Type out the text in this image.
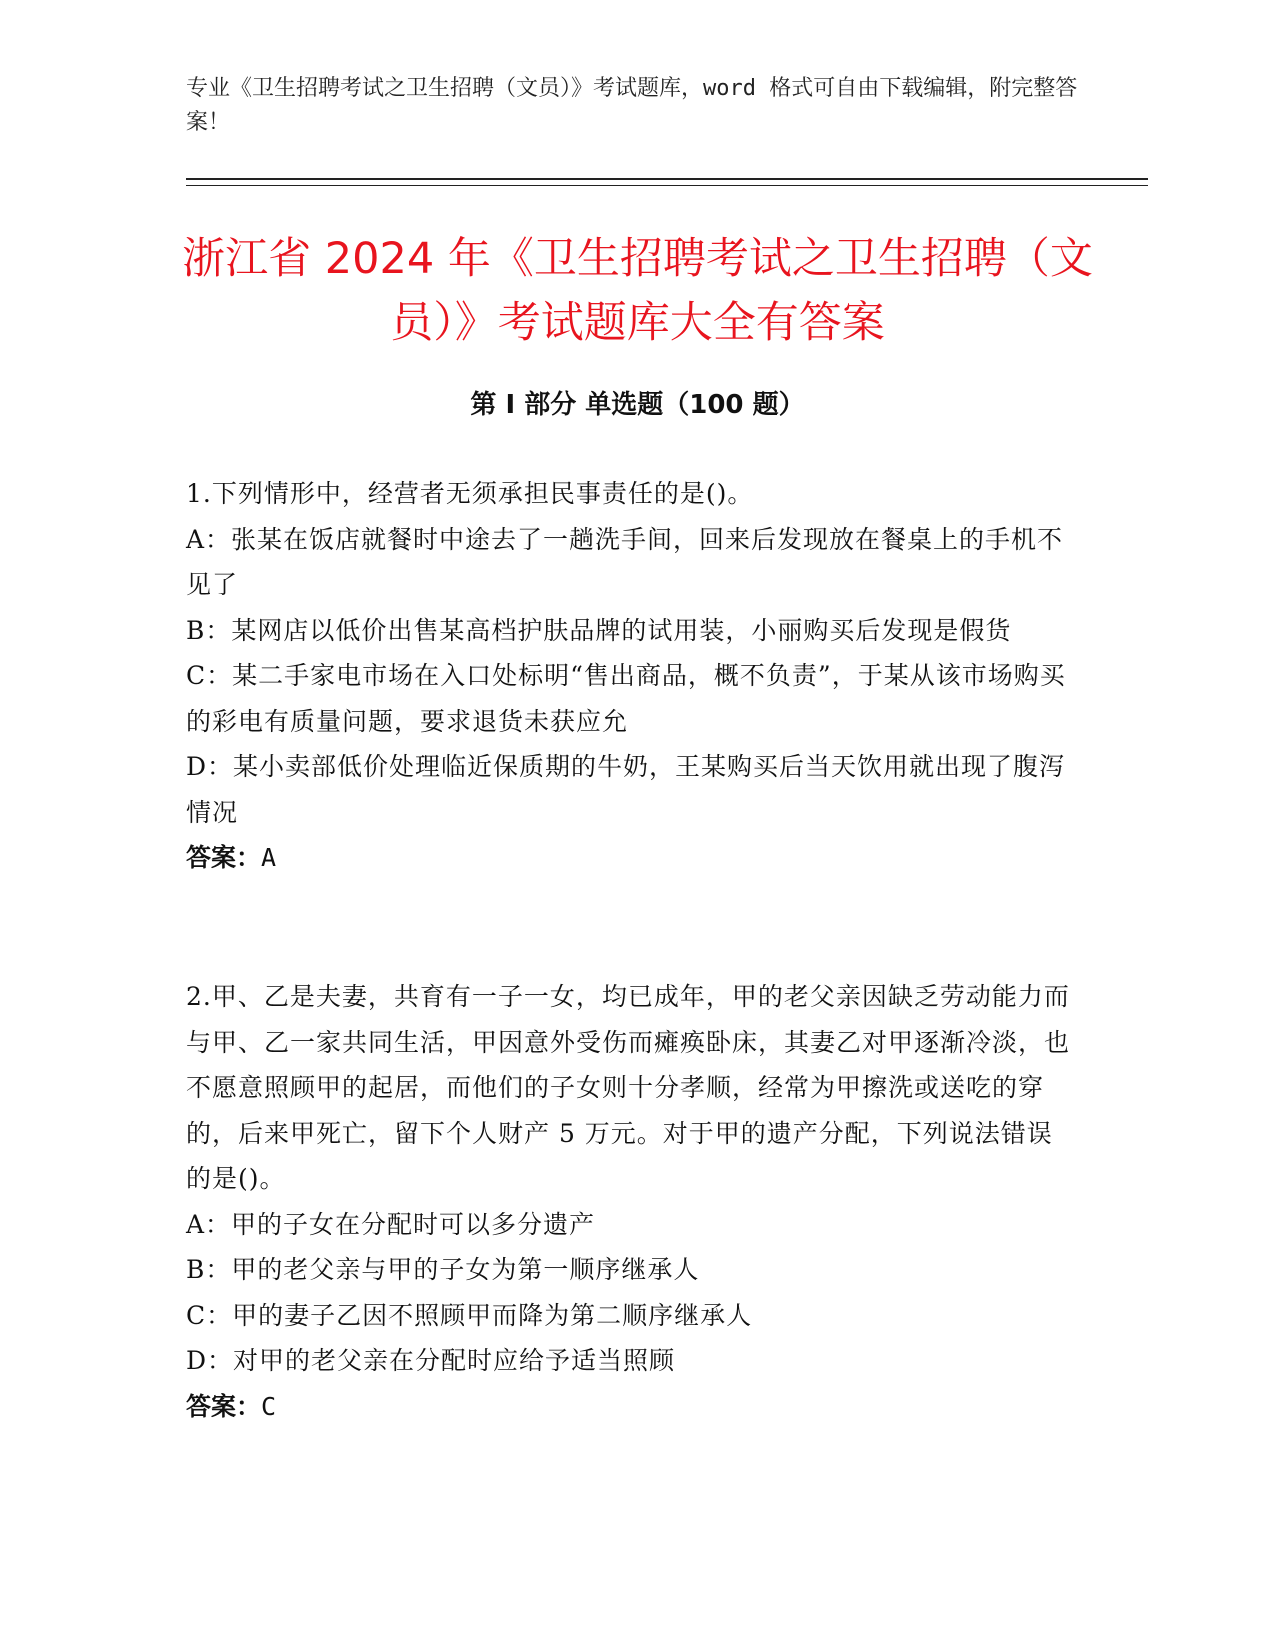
专业《卫生招聘考试之卫生招聘（文员）》考试题库，word 格式可自由下载编辑，附完整答案！
浙江省 2024 年《卫生招聘考试之卫生招聘（文员）》考试题库大全有答案
第 I 部分 单选题（100 题）

1.下列情形中，经营者无须承担民事责任的是()。

A：张某在饭店就餐时中途去了一趟洗手间，回来后发现放在餐桌上的手机不见了

B：某网店以低价出售某高档护肤品牌的试用装，小丽购买后发现是假货

C：某二手家电市场在入口处标明“售出商品，概不负责”，于某从该市场购买的彩电有质量问题，要求退货未获应允

D：某小卖部低价处理临近保质期的牛奶，王某购买后当天饮用就出现了腹泻情况

答案：A

2.甲、乙是夫妻，共育有一子一女，均已成年，甲的老父亲因缺乏劳动能力而与甲、乙一家共同生活，甲因意外受伤而瘫痪卧床，其妻乙对甲逐渐冷淡，也不愿意照顾甲的起居，而他们的子女则十分孝顺，经常为甲擦洗或送吃的穿的，后来甲死亡，留下个人财产 5 万元。对于甲的遗产分配，下列说法错误的是()。

A：甲的子女在分配时可以多分遗产

B：甲的老父亲与甲的子女为第一顺序继承人

C：甲的妻子乙因不照顾甲而降为第二顺序继承人

D：对甲的老父亲在分配时应给予适当照顾

答案：C
